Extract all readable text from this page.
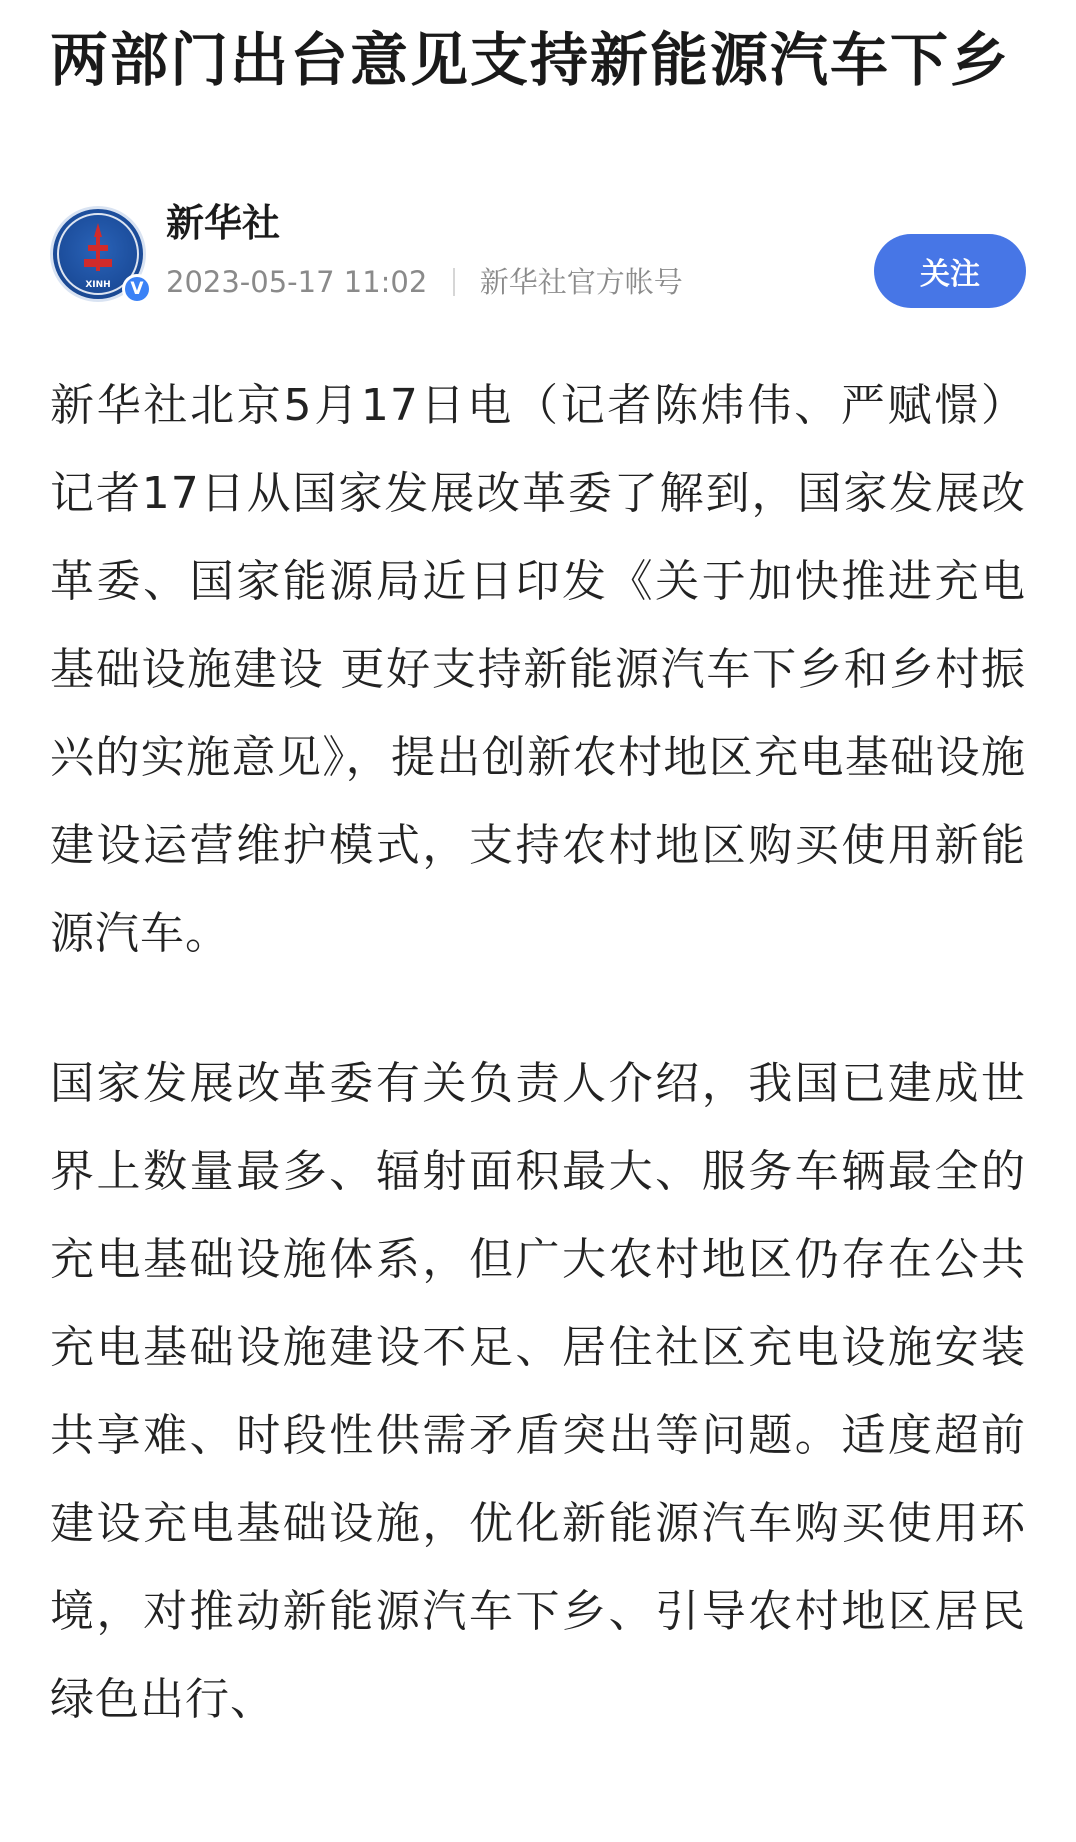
两部门出台意见支持新能源汽车下乡
XINH	V
新华社
2023-05-17 11:02 新华社官方帐号	关注

新华社北京5月17日电（记者陈炜伟、严赋憬）记者17日从国家发展改革委了解到，国家发展改革委、国家能源局近日印发《关于加快推进充电基础设施建设 更好支持新能源汽车下乡和乡村振兴的实施意见》，提出创新农村地区充电基础设施建设运营维护模式，支持农村地区购买使用新能源汽车。

国家发展改革委有关负责人介绍，我国已建成世界上数量最多、辐射面积最大、服务车辆最全的充电基础设施体系，但广大农村地区仍存在公共充电基础设施建设不足、居住社区充电设施安装共享难、时段性供需矛盾突出等问题。适度超前建设充电基础设施，优化新能源汽车购买使用环境，对推动新能源汽车下乡、引导农村地区居民绿色出行、
